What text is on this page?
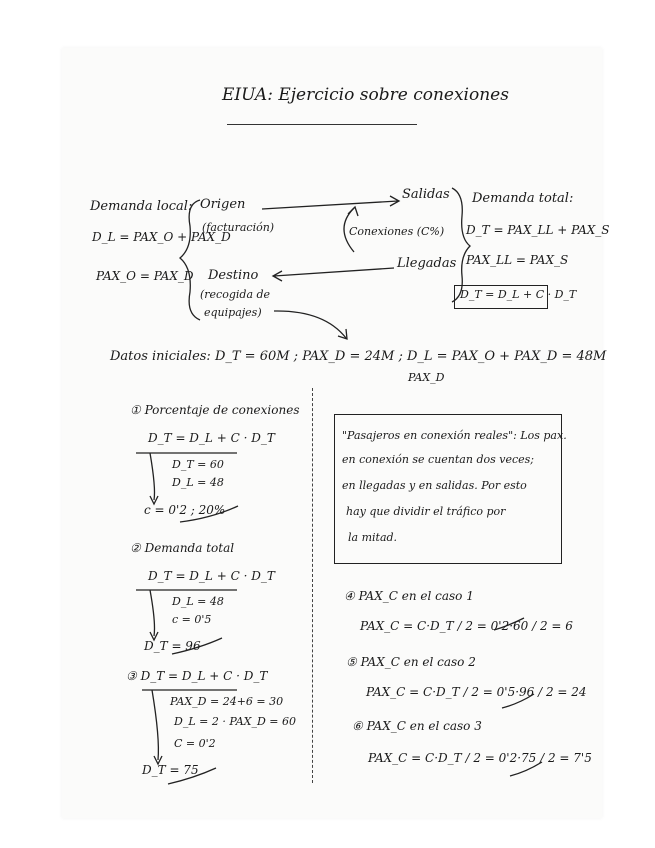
EIUA: Ejercicio sobre conexiones
Demanda local:
D_L = PAX_O + PAX_D
PAX_O = PAX_D
Origen
(facturación)
Destino
(recogida de
equipajes)
Salidas
Llegadas
Conexiones (C%)
Demanda total:
D_T = PAX_LL + PAX_S
PAX_LL = PAX_S
D_T = D_L + C · D_T
Datos iniciales: D_T = 60M ; PAX_D = 24M ; D_L = PAX_O + PAX_D = 48M
PAX_D
① Porcentaje de conexiones
D_T = D_L + C · D_T
D_T = 60
D_L = 48
c = 0'2 ; 20%
② Demanda total
D_T = D_L + C · D_T
D_L = 48
c = 0'5
D_T = 96
③ D_T = D_L + C · D_T
PAX_D = 24+6 = 30
D_L = 2 · PAX_D = 60
C = 0'2
D_T = 75
"Pasajeros en conexión reales": Los pax.
en conexión se cuentan dos veces;
en llegadas y en salidas. Por esto
hay que dividir el tráfico por
la mitad.
④ PAX_C en el caso 1
PAX_C = C·D_T / 2 = 0'2·60 / 2 = 6
⑤ PAX_C en el caso 2
PAX_C = C·D_T / 2 = 0'5·96 / 2 = 24
⑥ PAX_C en el caso 3
PAX_C = C·D_T / 2 = 0'2·75 / 2 = 7'5
